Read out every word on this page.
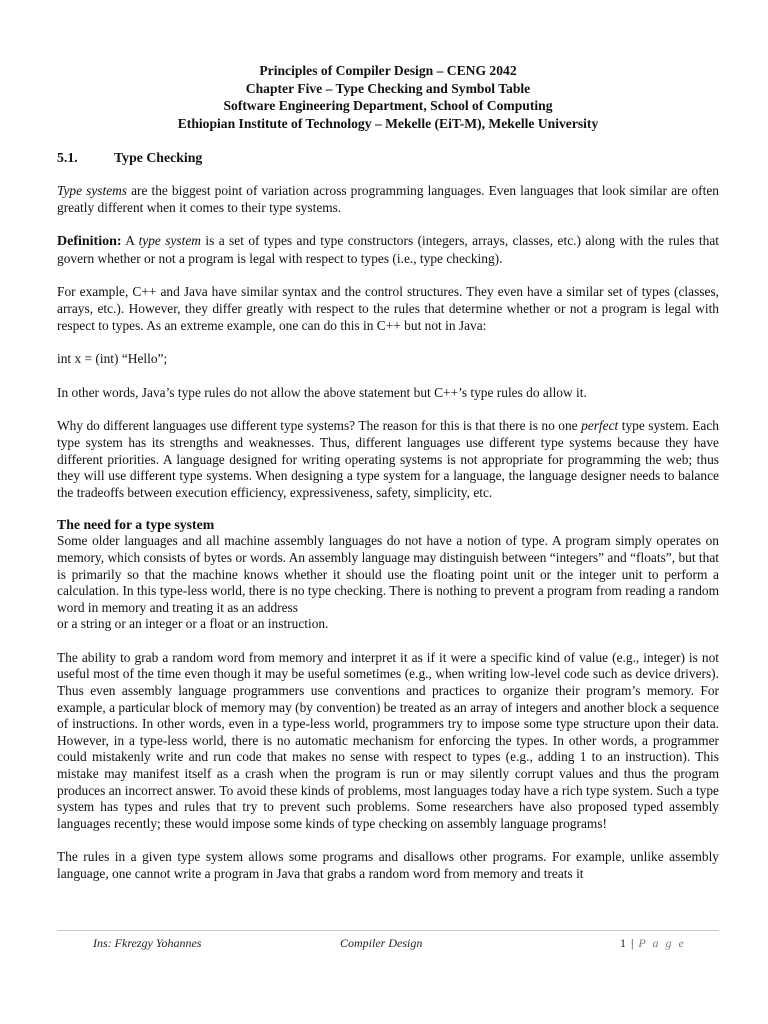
Principles of Compiler Design – CENG 2042
Chapter Five – Type Checking and Symbol Table
Software Engineering Department, School of Computing
Ethiopian Institute of Technology – Mekelle (EiT-M), Mekelle University
5.1.	Type Checking

Type systems are the biggest point of variation across programming languages. Even languages that look similar are often greatly different when it comes to their type systems.

Definition: A type system is a set of types and type constructors (integers, arrays, classes, etc.) along with the rules that govern whether or not a program is legal with respect to types (i.e., type checking).

For example, C++ and Java have similar syntax and the control structures. They even have a similar set of types (classes, arrays, etc.). However, they differ greatly with respect to the rules that determine whether or not a program is legal with respect to types. As an extreme example, one can do this in C++ but not in Java:

int x = (int) “Hello”;

In other words, Java’s type rules do not allow the above statement but C++’s type rules do allow it.

Why do different languages use different type systems? The reason for this is that there is no one perfect type system. Each type system has its strengths and weaknesses. Thus, different languages use different type systems because they have different priorities. A language designed for writing operating systems is not appropriate for programming the web; thus they will use different type systems. When designing a type system for a language, the language designer needs to balance the tradeoffs between execution efficiency, expressiveness, safety, simplicity, etc.

The need for a type system

Some older languages and all machine assembly languages do not have a notion of type. A program simply operates on memory, which consists of bytes or words. An assembly language may distinguish between “integers” and “floats”, but that is primarily so that the machine knows whether it should use the floating point unit or the integer unit to perform a calculation. In this type-less world, there is no type checking. There is nothing to prevent a program from reading a random word in memory and treating it as an address
or a string or an integer or a float or an instruction.

The ability to grab a random word from memory and interpret it as if it were a specific kind of value (e.g., integer) is not useful most of the time even though it may be useful sometimes (e.g., when writing low-level code such as device drivers). Thus even assembly language programmers use conventions and practices to organize their program’s memory. For example, a particular block of memory may (by convention) be treated as an array of integers and another block a sequence of instructions. In other words, even in a type-less world, programmers try to impose some type structure upon their data. However, in a type-less world, there is no automatic mechanism for enforcing the types. In other words, a programmer could mistakenly write and run code that makes no sense with respect to types (e.g., adding 1 to an instruction). This mistake may manifest itself as a crash when the program is run or may silently corrupt values and thus the program produces an incorrect answer. To avoid these kinds of problems, most languages today have a rich type system. Such a type system has types and rules that try to prevent such problems. Some researchers have also proposed typed assembly languages recently; these would impose some kinds of type checking on assembly language programs!

The rules in a given type system allows some programs and disallows other programs. For example, unlike assembly language, one cannot write a program in Java that grabs a random word from memory and treats it

Ins: Fkrezgy Yohannes	Compiler Design	1 | P a g e
